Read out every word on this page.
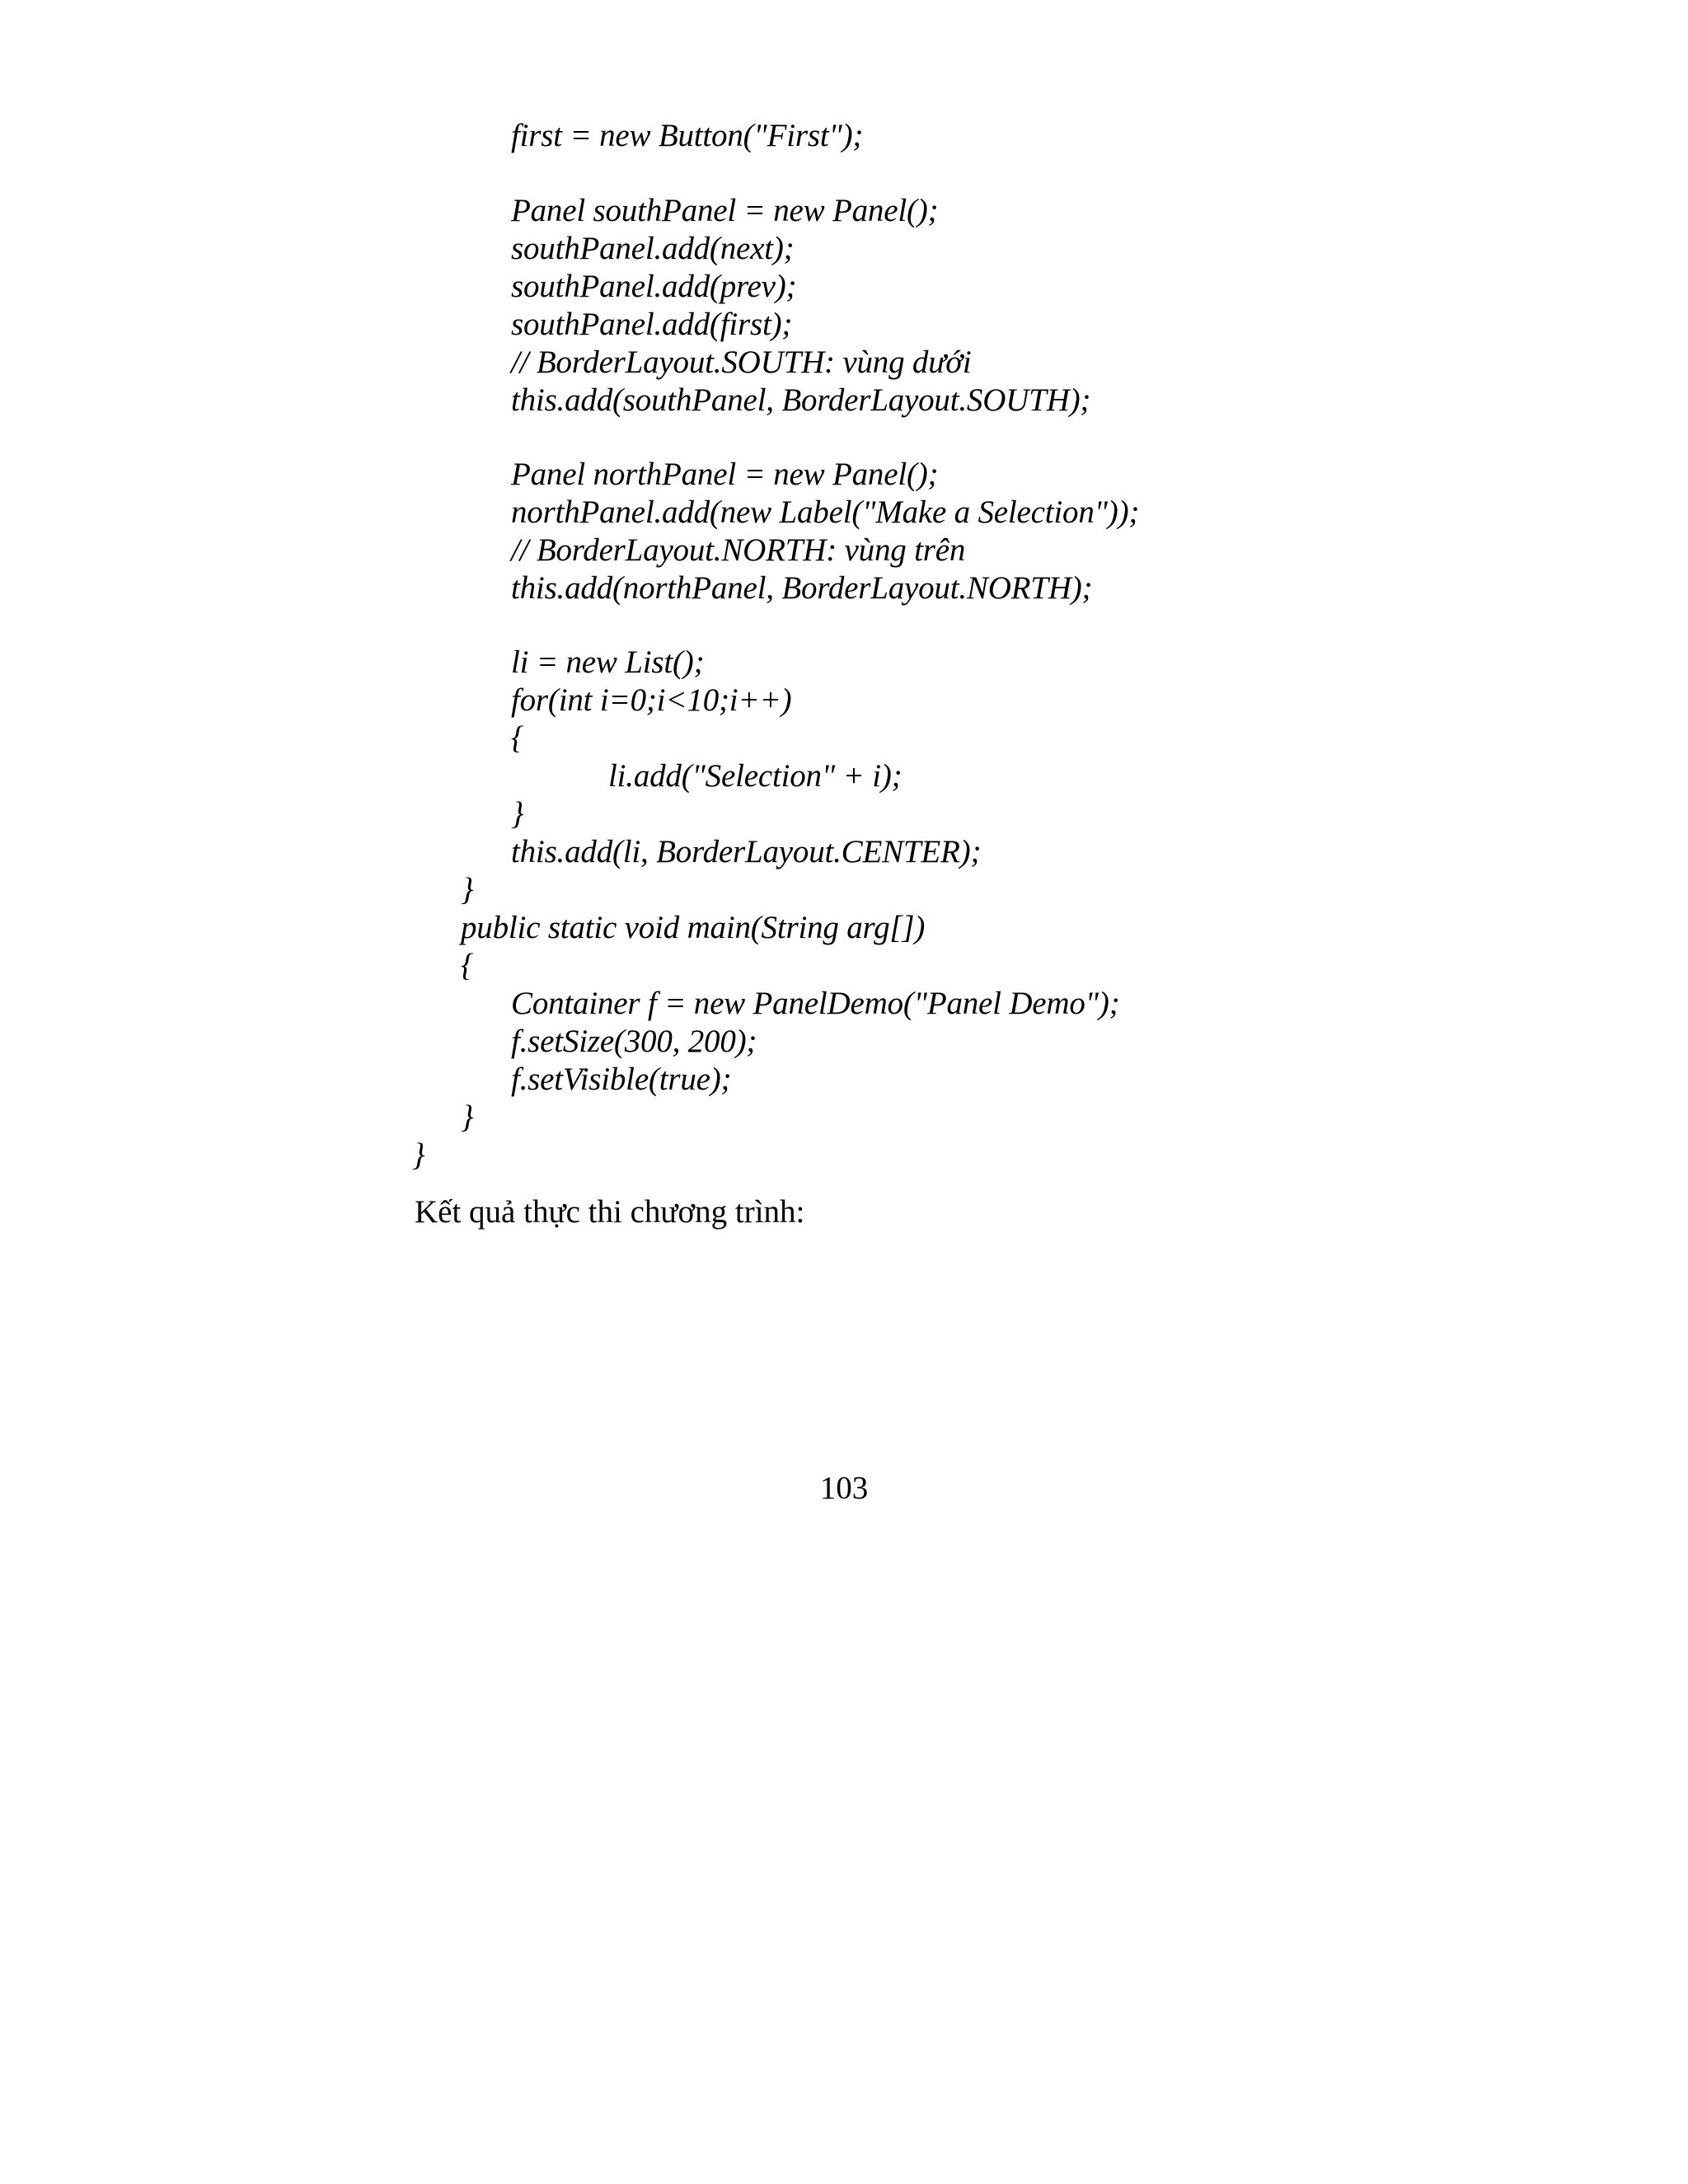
first = new Button("First");
Panel southPanel = new Panel();
southPanel.add(next);
southPanel.add(prev);
southPanel.add(first);
// BorderLayout.SOUTH: vùng dưới
this.add(southPanel, BorderLayout.SOUTH);
Panel northPanel = new Panel();
northPanel.add(new Label("Make a Selection"));
// BorderLayout.NORTH: vùng trên
this.add(northPanel, BorderLayout.NORTH);
li = new List();
for(int i=0;i<10;i++)
{
li.add("Selection" + i);
}
this.add(li, BorderLayout.CENTER);
}
public static void main(String arg[])
{
Container f = new PanelDemo("Panel Demo");
f.setSize(300, 200);
f.setVisible(true);
}
}
Kết quả thực thi chương trình:
103
